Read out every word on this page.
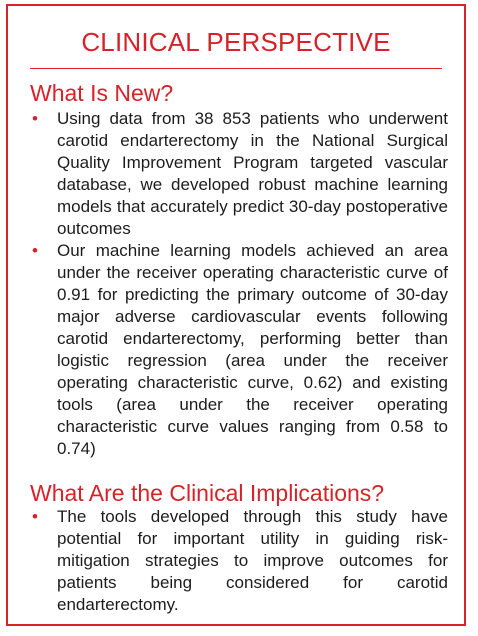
CLINICAL PERSPECTIVE
What Is New?
• Using data from 38 853 patients who underwent carotid endarterectomy in the National Surgical Quality Improvement Program targeted vascular database, we developed robust machine learning models that accurately predict 30-day postoperative outcomes
• Our machine learning models achieved an area under the receiver operating characteristic curve of 0.91 for predicting the primary outcome of 30-day major adverse cardiovascular events following carotid endarterectomy, performing better than logistic regression (area under the receiver operating characteristic curve, 0.62) and existing tools (area under the receiver operating characteristic curve values ranging from 0.58 to 0.74)
What Are the Clinical Implications?
• The tools developed through this study have potential for important utility in guiding risk-mitigation strategies to improve outcomes for patients being considered for carotid endarterectomy.
